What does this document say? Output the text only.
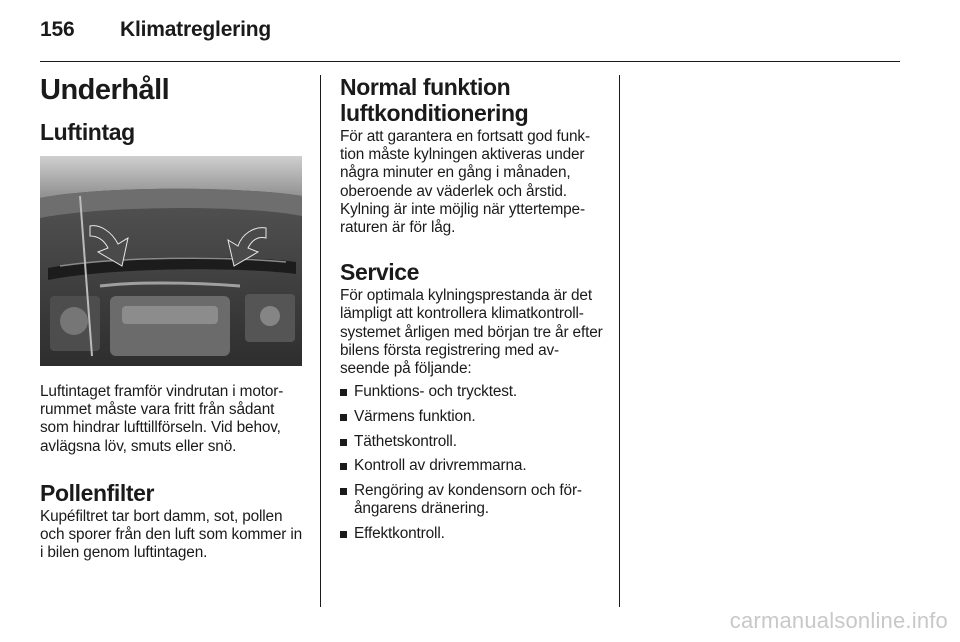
156 Klimatreglering
Underhåll
Luftintag

Luftintaget framför vindrutan i motor-rummet måste vara fritt från sådant som hindrar lufttillförseln. Vid behov, avlägsna löv, smuts eller snö.

Pollenfilter

Kupéfiltret tar bort damm, sot, pollen och sporer från den luft som kommer in i bilen genom luftintagen.

Normal funktion luftkonditionering

För att garantera en fortsatt god funk-tion måste kylningen aktiveras under några minuter en gång i månaden, oberoende av väderlek och årstid. Kylning är inte möjlig när yttertempe-raturen är för låg.

Service

För optimala kylningsprestanda är det lämpligt att kontrollera klimatkontroll-systemet årligen med början tre år efter bilens första registrering med av-seende på följande:

Funktions- och trycktest.
Värmens funktion.
Täthetskontroll.
Kontroll av drivremmarna.
Rengöring av kondensorn och för-ångarens dränering.
Effektkontroll.
carmanualsonline.info
